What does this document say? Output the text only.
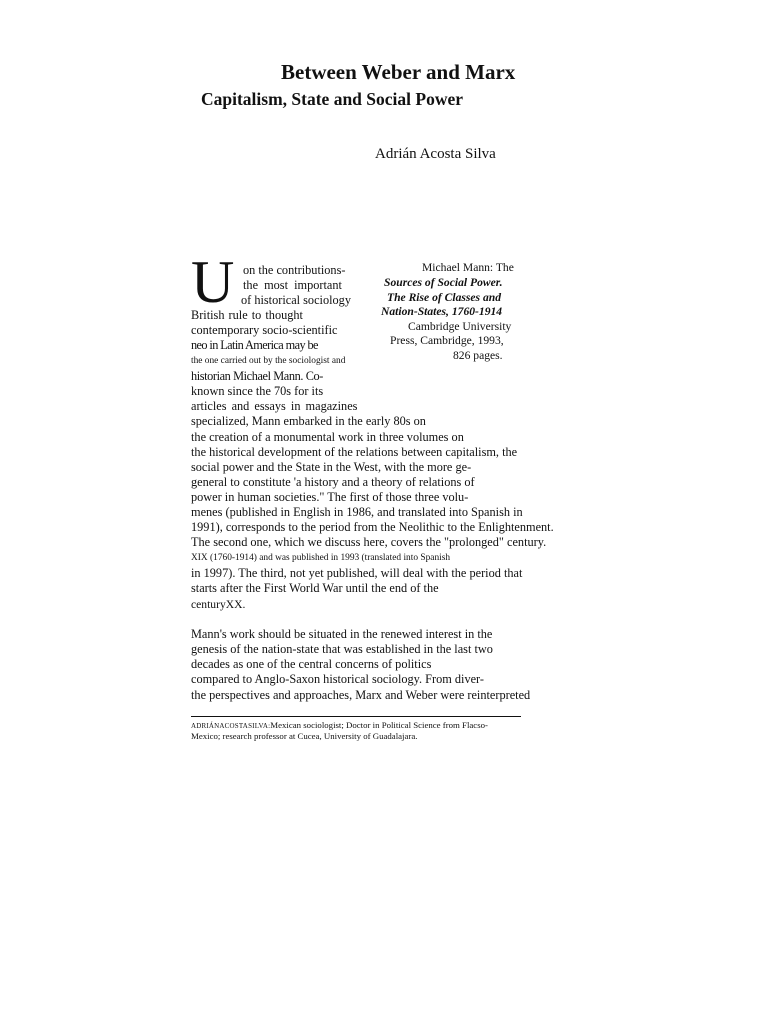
Between Weber and Marx
Capitalism, State and Social Power
Adrián Acosta Silva
U on the contributions-
the most important
of historical sociology
British rule to thought
contemporary socio-scientific
neo in Latin America may be
the one carried out by the sociologist and
historian Michael Mann. Co-
known since the 70s for its
articles and essays in magazines
specialized, Mann embarked in the early 80s on
the creation of a monumental work in three volumes on
the historical development of the relations between capitalism, the
social power and the State in the West, with the more ge-
general to constitute 'a history and a theory of relations of
power in human societies." The first of those three volu-
menes (published in English in 1986, and translated into Spanish in
1991), corresponds to the period from the Neolithic to the Enlightenment.
The second one, which we discuss here, covers the "prolonged" century.
XIX (1760-1914) and was published in 1993 (translated into Spanish
in 1997). The third, not yet published, will deal with the period that
starts after the First World War until the end of the
centuryXX.
Mann's work should be situated in the renewed interest in the
genesis of the nation-state that was established in the last two
decades as one of the central concerns of politics
compared to Anglo-Saxon historical sociology. From diver-
the perspectives and approaches, Marx and Weber were reinterpreted
Michael Mann: The
Sources of Social Power.
The Rise of Classes and
Nation-States, 1760-1914
Cambridge University
Press, Cambridge, 1993,
826 pages.
ADRIÁNACOSTASILVA:Mexican sociologist; Doctor in Political Science from Flacso-
Mexico; research professor at Cucea, University of Guadalajara.
